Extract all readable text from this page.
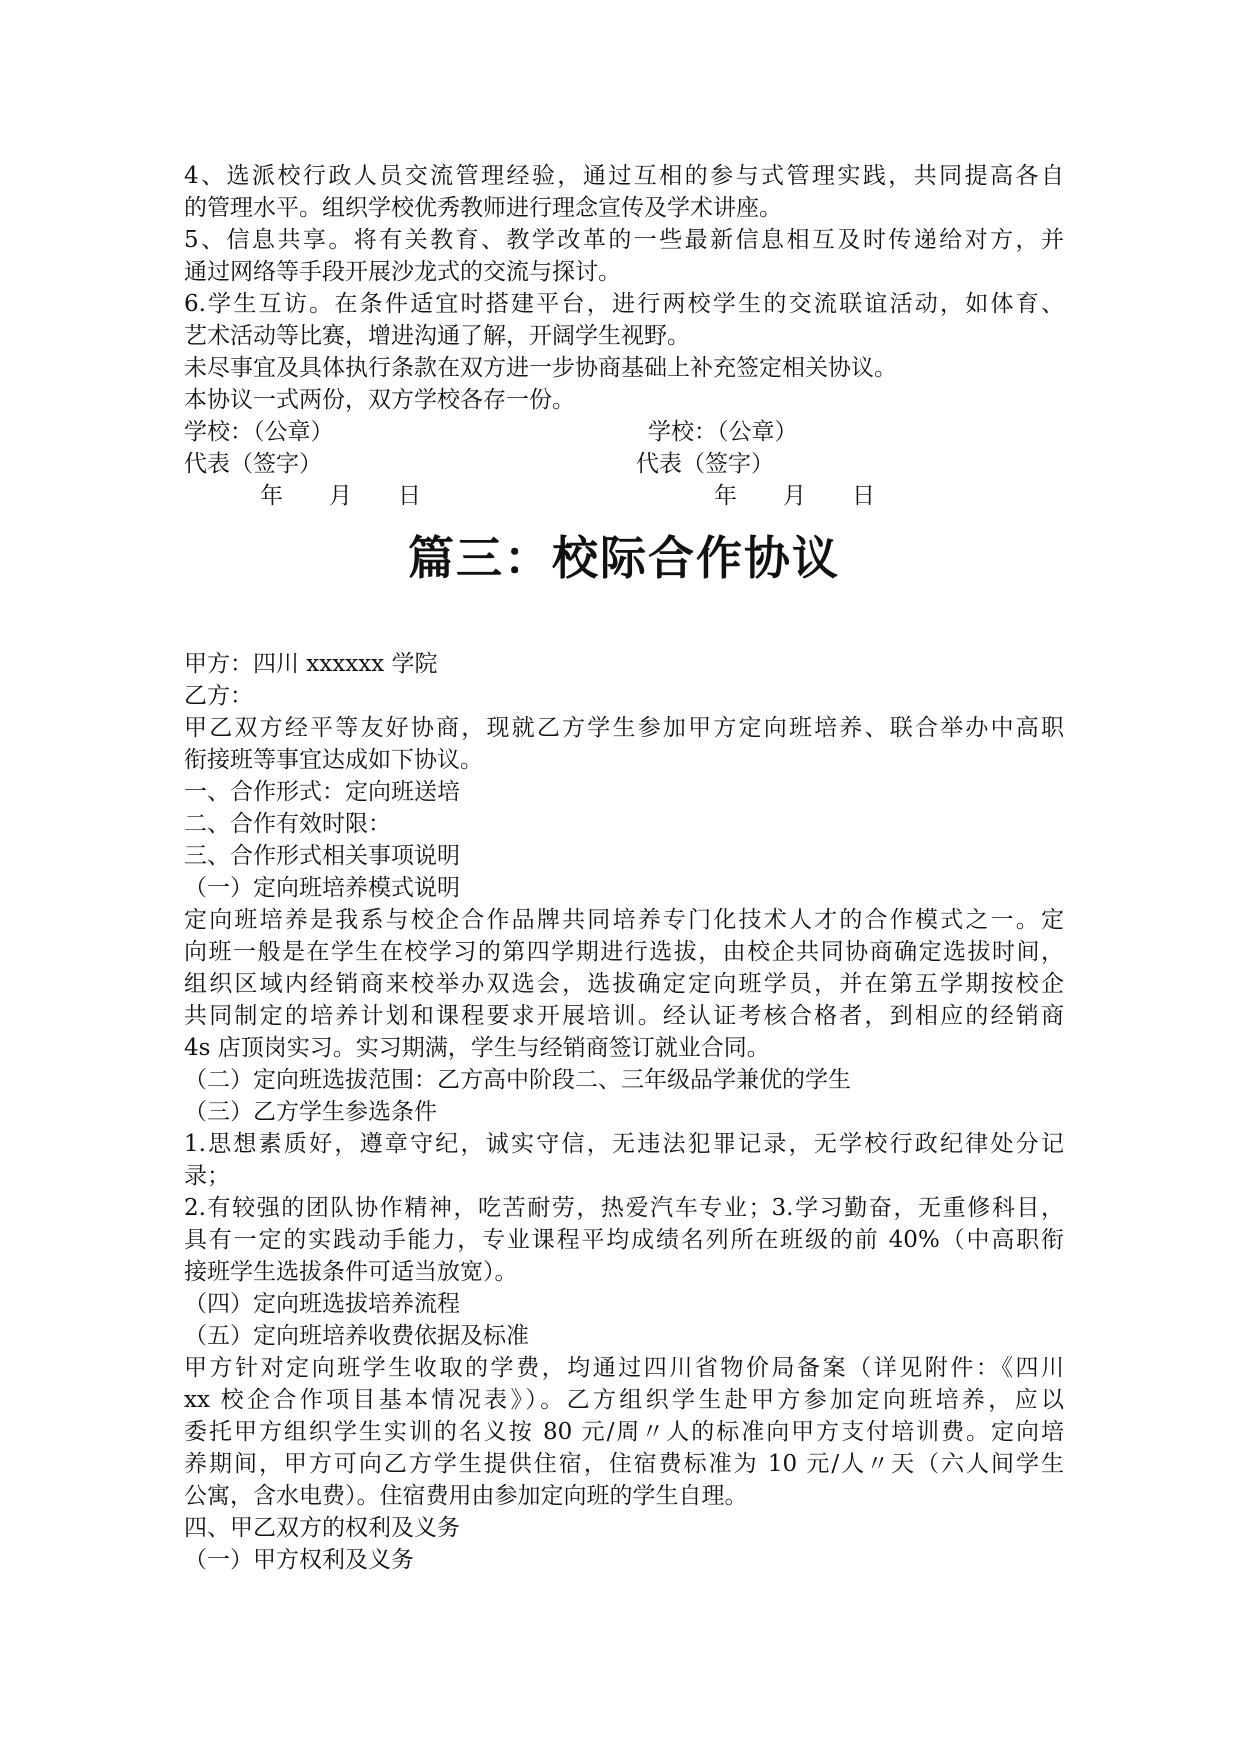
4、选派校行政人员交流管理经验，通过互相的参与式管理实践，共同提高各自
的管理水平。组织学校优秀教师进行理念宣传及学术讲座。
5、信息共享。将有关教育、教学改革的一些最新信息相互及时传递给对方，并
通过网络等手段开展沙龙式的交流与探讨。
6.学生互访。在条件适宜时搭建平台，进行两校学生的交流联谊活动，如体育、
艺术活动等比赛，增进沟通了解，开阔学生视野。
未尽事宜及具体执行条款在双方进一步协商基础上补充签定相关协议。
本协议一式两份，双方学校各存一份。
学校：（公章）	学校：（公章）
代表（签字）	代表（签字）
年　　月　　日	年　　月　　日
篇三：校际合作协议
甲方：四川 xxxxxx 学院
乙方：
甲乙双方经平等友好协商，现就乙方学生参加甲方定向班培养、联合举办中高职
衔接班等事宜达成如下协议。
一、合作形式：定向班送培
二、合作有效时限：
三、合作形式相关事项说明
（一）定向班培养模式说明
定向班培养是我系与校企合作品牌共同培养专门化技术人才的合作模式之一。定
向班一般是在学生在校学习的第四学期进行选拔，由校企共同协商确定选拔时间，
组织区域内经销商来校举办双选会，选拔确定定向班学员，并在第五学期按校企
共同制定的培养计划和课程要求开展培训。经认证考核合格者，到相应的经销商
4s 店顶岗实习。实习期满，学生与经销商签订就业合同。
（二）定向班选拔范围：乙方高中阶段二、三年级品学兼优的学生
（三）乙方学生参选条件
1.思想素质好，遵章守纪，诚实守信，无违法犯罪记录，无学校行政纪律处分记
录；
2.有较强的团队协作精神，吃苦耐劳，热爱汽车专业；3.学习勤奋，无重修科目，
具有一定的实践动手能力，专业课程平均成绩名列所在班级的前 40%（中高职衔
接班学生选拔条件可适当放宽）。
（四）定向班选拔培养流程
（五）定向班培养收费依据及标准
甲方针对定向班学生收取的学费，均通过四川省物价局备案（详见附件：《四川
xx 校企合作项目基本情况表》）。乙方组织学生赴甲方参加定向班培养，应以
委托甲方组织学生实训的名义按 80 元/周〃人的标准向甲方支付培训费。定向培
养期间，甲方可向乙方学生提供住宿，住宿费标准为 10 元/人〃天（六人间学生
公寓，含水电费）。住宿费用由参加定向班的学生自理。
四、甲乙双方的权利及义务
（一）甲方权利及义务
